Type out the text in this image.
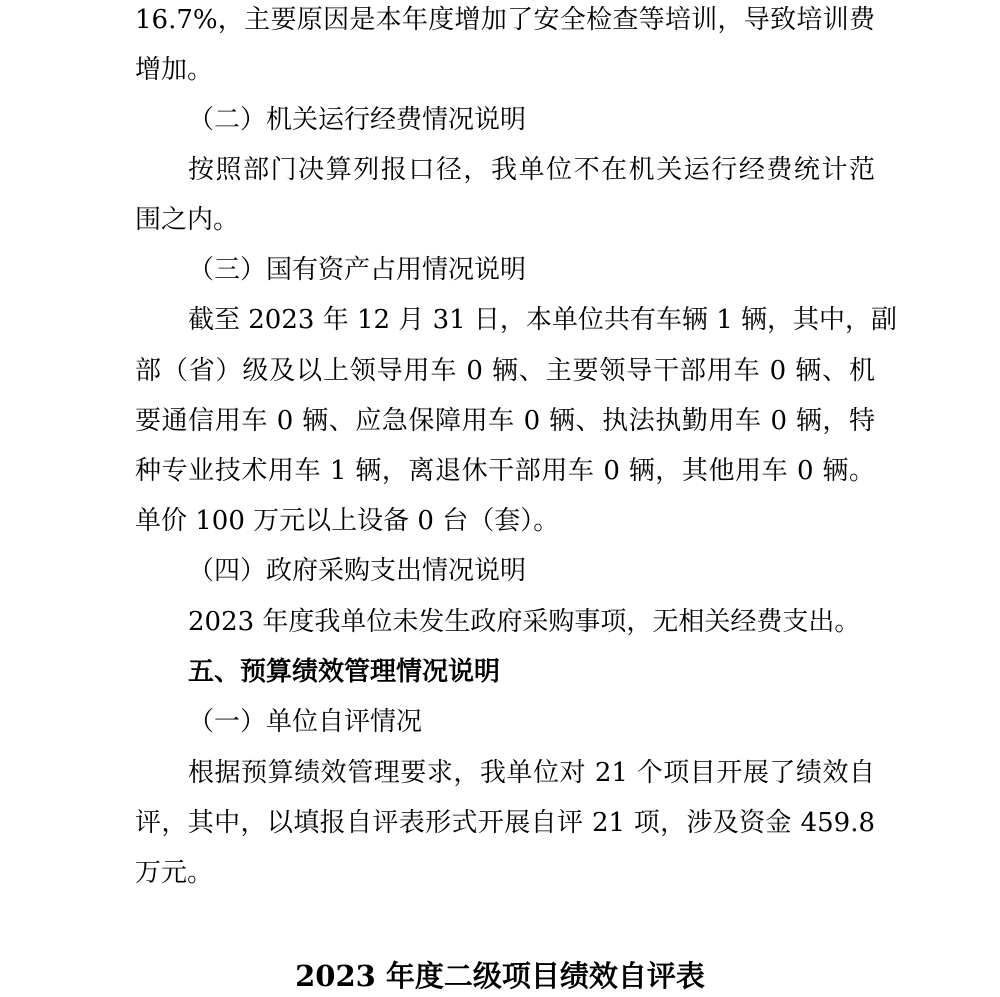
16.7%，主要原因是本年度增加了安全检查等培训，导致培训费
增加。
（二）机关运行经费情况说明
按照部门决算列报口径，我单位不在机关运行经费统计范
围之内。
（三）国有资产占用情况说明
截至 2023 年 12 月 31 日，本单位共有车辆 1 辆，其中，副
部（省）级及以上领导用车 0 辆、主要领导干部用车 0 辆、机
要通信用车 0 辆、应急保障用车 0 辆、执法执勤用车 0 辆，特
种专业技术用车 1 辆，离退休干部用车 0 辆，其他用车 0 辆。
单价 100 万元以上设备 0 台（套）。
（四）政府采购支出情况说明
2023 年度我单位未发生政府采购事项，无相关经费支出。
五、预算绩效管理情况说明
（一）单位自评情况
根据预算绩效管理要求，我单位对 21 个项目开展了绩效自
评，其中，以填报自评表形式开展自评 21 项，涉及资金 459.8
万元。
2023 年度二级项目绩效自评表
